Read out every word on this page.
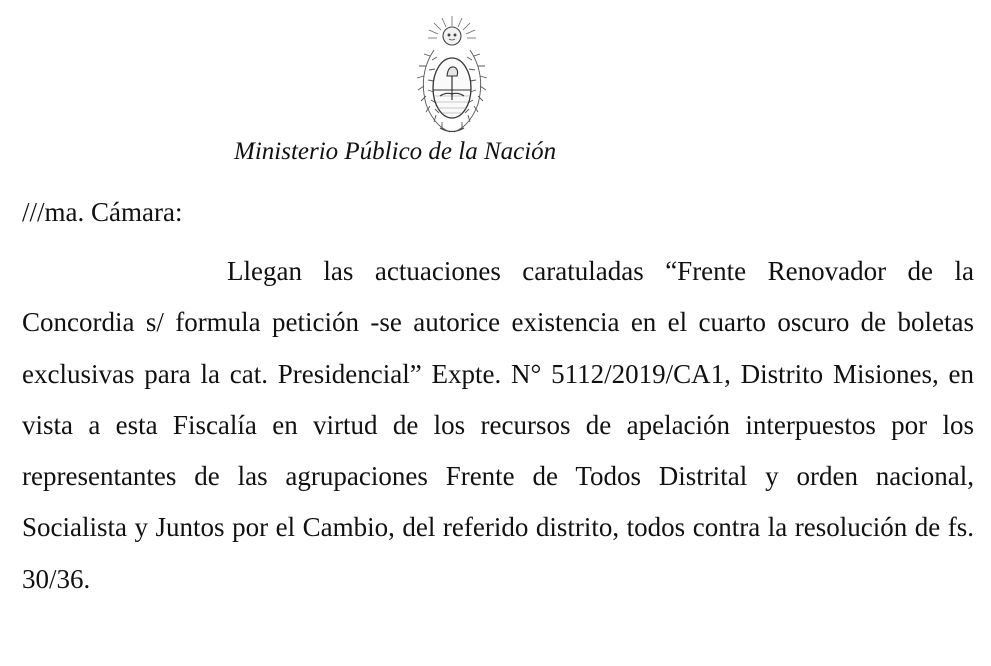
Ministerio Público de la Nación
///ma. Cámara:

Llegan las actuaciones caratuladas “Frente Renovador de la Concordia s/ formula petición -se autorice existencia en el cuarto oscuro de boletas exclusivas para la cat. Presidencial” Expte. N° 5112/2019/CA1, Distrito Misiones, en vista a esta Fiscalía en virtud de los recursos de apelación interpuestos por los representantes de las agrupaciones Frente de Todos Distrital y orden nacional, Socialista y Juntos por el Cambio, del referido distrito, todos contra la resolución de fs. 30/36.
